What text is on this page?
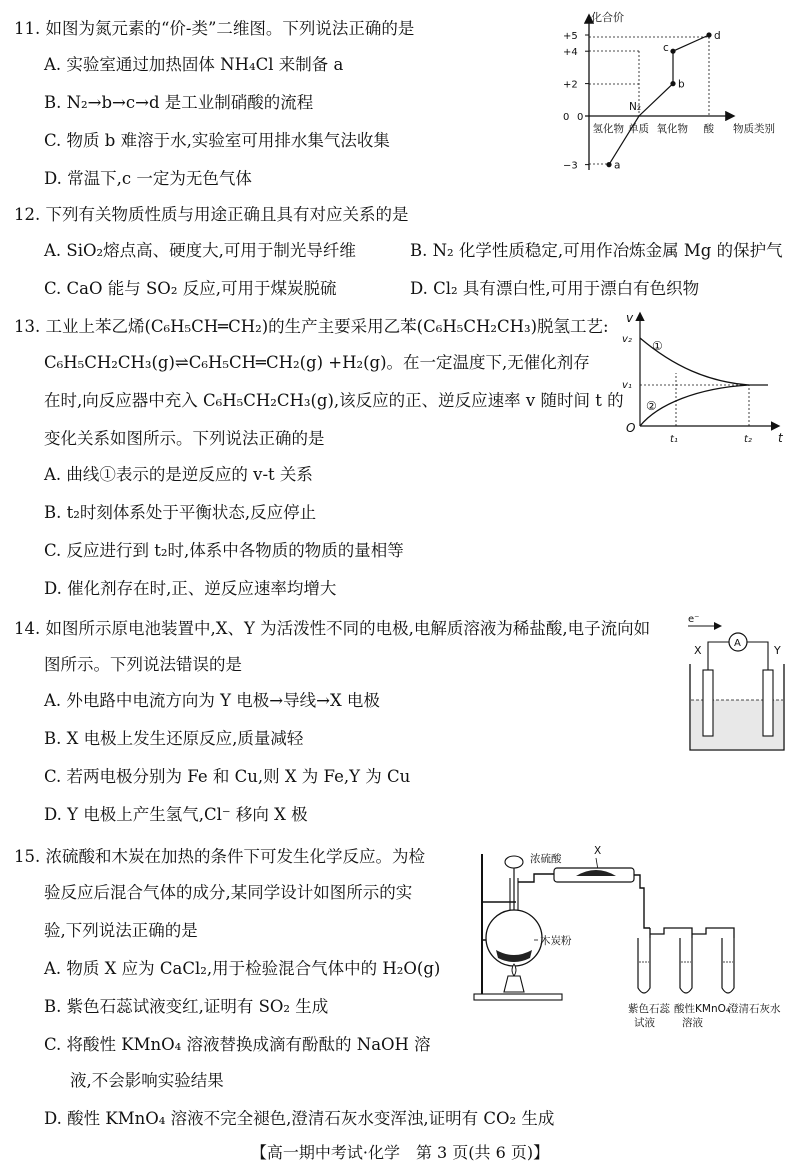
11. 如图为氮元素的“价-类”二维图。下列说法正确的是
A. 实验室通过加热固体 NH₄Cl 来制备 a
B. N₂→b→c→d 是工业制硝酸的流程
C. 物质 b 难溶于水,实验室可用排水集气法收集
D. 常温下,c 一定为无色气体
化合价
物质类别
+5
+4
+2
0
−3
氢化物 单质 氧化物 酸
a
N₂
b
c
d
0
12. 下列有关物质性质与用途正确且具有对应关系的是
A. SiO₂熔点高、硬度大,可用于制光导纤维	B. N₂ 化学性质稳定,可用作冶炼金属 Mg 的保护气
C. CaO 能与 SO₂ 反应,可用于煤炭脱硫	D. Cl₂ 具有漂白性,可用于漂白有色织物
13. 工业上苯乙烯(C₆H₅CH═CH₂)的生产主要采用乙苯(C₆H₅CH₂CH₃)脱氢工艺:
C₆H₅CH₂CH₃(g)⇌C₆H₅CH═CH₂(g) +H₂(g)。在一定温度下,无催化剂存
在时,向反应器中充入 C₆H₅CH₂CH₃(g),该反应的正、逆反应速率 v 随时间 t 的
变化关系如图所示。下列说法正确的是
A. 曲线①表示的是逆反应的 v-t 关系
B. t₂时刻体系处于平衡状态,反应停止
C. 反应进行到 t₂时,体系中各物质的物质的量相等
D. 催化剂存在时,正、逆反应速率均增大
v
t
O
v₂
v₁
t₁	t₂
①
②
14. 如图所示原电池装置中,X、Y 为活泼性不同的电极,电解质溶液为稀盐酸,电子流向如
图所示。下列说法错误的是
A. 外电路中电流方向为 Y 电极→导线→X 电极
B. X 电极上发生还原反应,质量减轻
C. 若两电极分别为 Fe 和 Cu,则 X 为 Fe,Y 为 Cu
D. Y 电极上产生氢气,Cl⁻ 移向 X 极
e⁻
A
X	Y
15. 浓硫酸和木炭在加热的条件下可发生化学反应。为检
验反应后混合气体的成分,某同学设计如图所示的实
验,下列说法正确的是
A. 物质 X 应为 CaCl₂,用于检验混合气体中的 H₂O(g)
B. 紫色石蕊试液变红,证明有 SO₂ 生成
C. 将酸性 KMnO₄ 溶液替换成滴有酚酞的 NaOH 溶
液,不会影响实验结果
D. 酸性 KMnO₄ 溶液不完全褪色,澄清石灰水变浑浊,证明有 CO₂ 生成
浓硫酸
X
木炭粉
紫色石蕊
试液
酸性KMnO₄
溶液
澄清石灰水
【高一期中考试·化学　第 3 页(共 6 页)】
